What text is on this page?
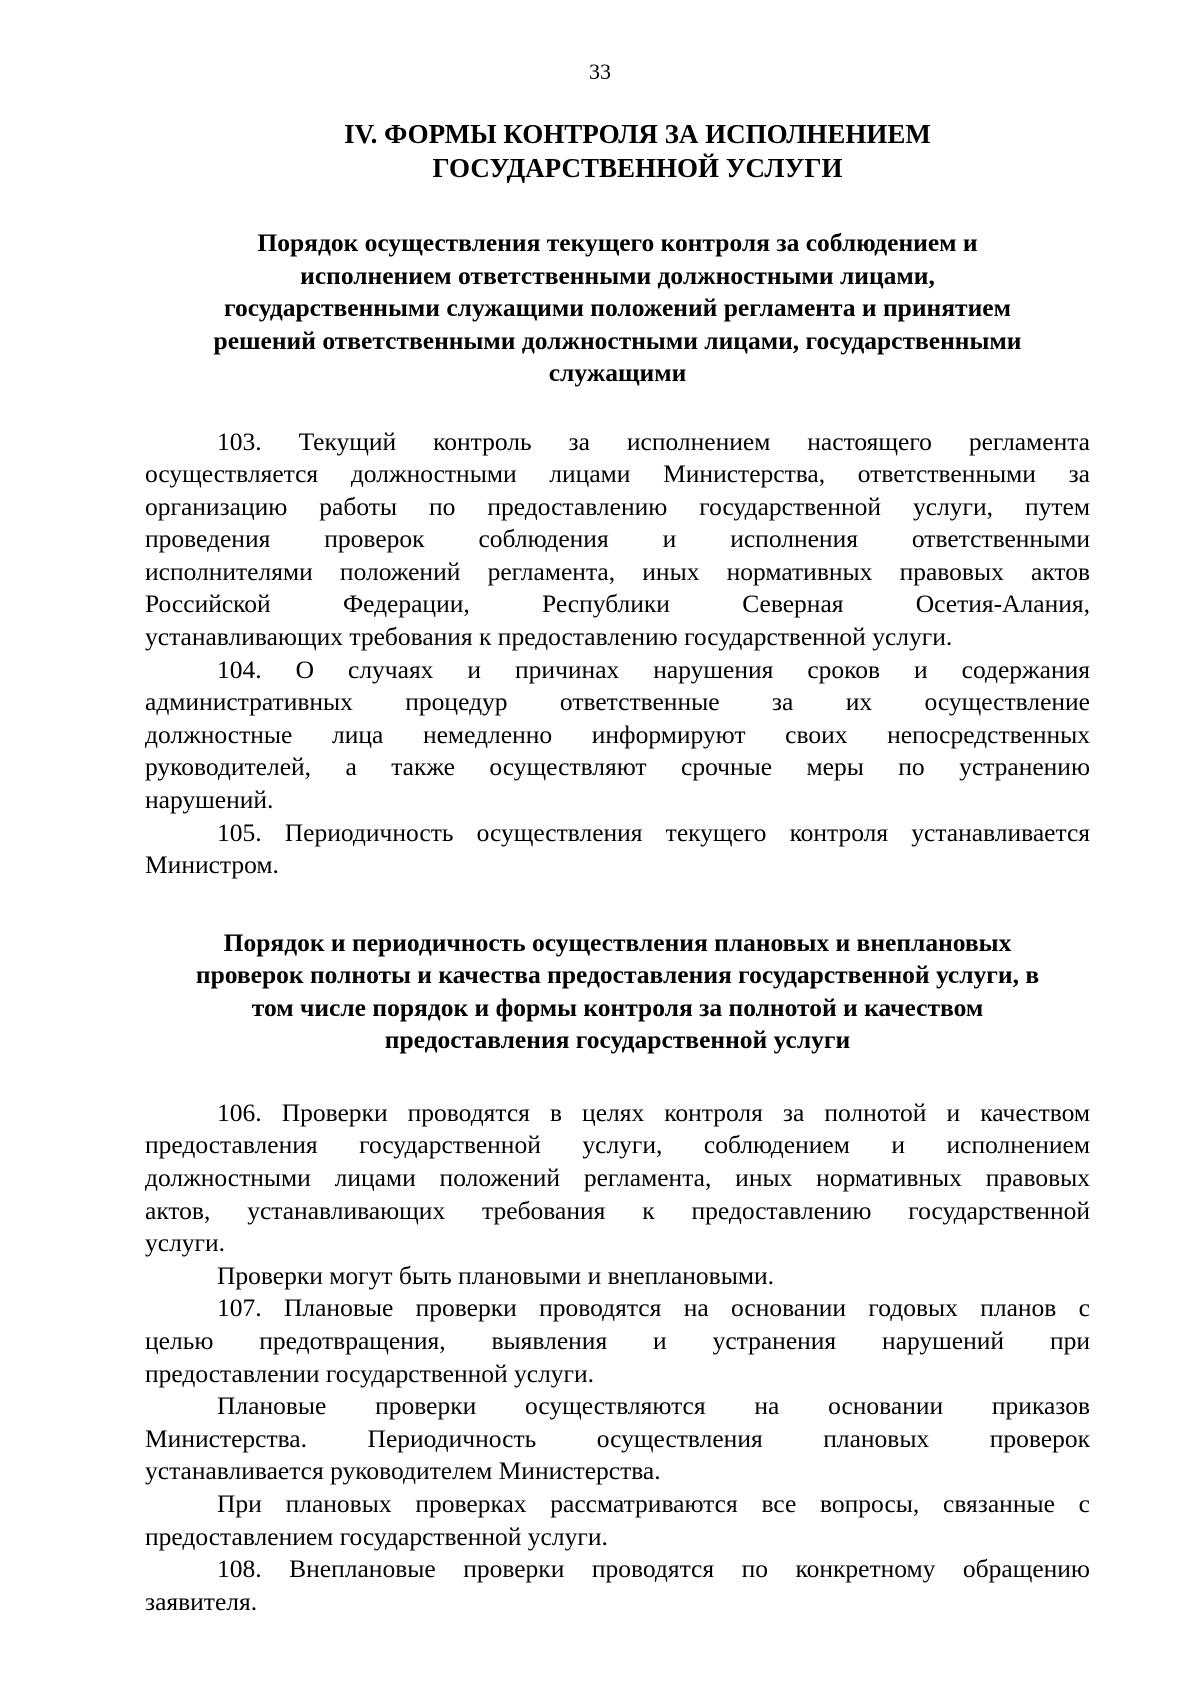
33
IV. ФОРМЫ КОНТРОЛЯ ЗА ИСПОЛНЕНИЕМ
ГОСУДАРСТВЕННОЙ УСЛУГИ
Порядок осуществления текущего контроля за соблюдением и
исполнением ответственными должностными лицами,
государственными служащими положений регламента и принятием
решений ответственными должностными лицами, государственными
служащими

103. Текущий контроль за исполнением настоящего регламента
осуществляется должностными лицами Министерства, ответственными за
организацию работы по предоставлению государственной услуги, путем
проведения проверок соблюдения и исполнения ответственными
исполнителями положений регламента, иных нормативных правовых актов
Российской Федерации, Республики Северная Осетия-Алания,
устанавливающих требования к предоставлению государственной услуги.

104. О случаях и причинах нарушения сроков и содержания
административных процедур ответственные за их осуществление
должностные лица немедленно информируют своих непосредственных
руководителей, а также осуществляют срочные меры по устранению
нарушений.

105. Периодичность осуществления текущего контроля устанавливается
Министром.

Порядок и периодичность осуществления плановых и внеплановых
проверок полноты и качества предоставления государственной услуги, в
том числе порядок и формы контроля за полнотой и качеством
предоставления государственной услуги

106. Проверки проводятся в целях контроля за полнотой и качеством
предоставления государственной услуги, соблюдением и исполнением
должностными лицами положений регламента, иных нормативных правовых
актов, устанавливающих требования к предоставлению государственной
услуги.

Проверки могут быть плановыми и внеплановыми.

107. Плановые проверки проводятся на основании годовых планов с
целью предотвращения, выявления и устранения нарушений при
предоставлении государственной услуги.

Плановые проверки осуществляются на основании приказов
Министерства. Периодичность осуществления плановых проверок
устанавливается руководителем Министерства.

При плановых проверках рассматриваются все вопросы, связанные с
предоставлением государственной услуги.

108. Внеплановые проверки проводятся по конкретному обращению
заявителя.
